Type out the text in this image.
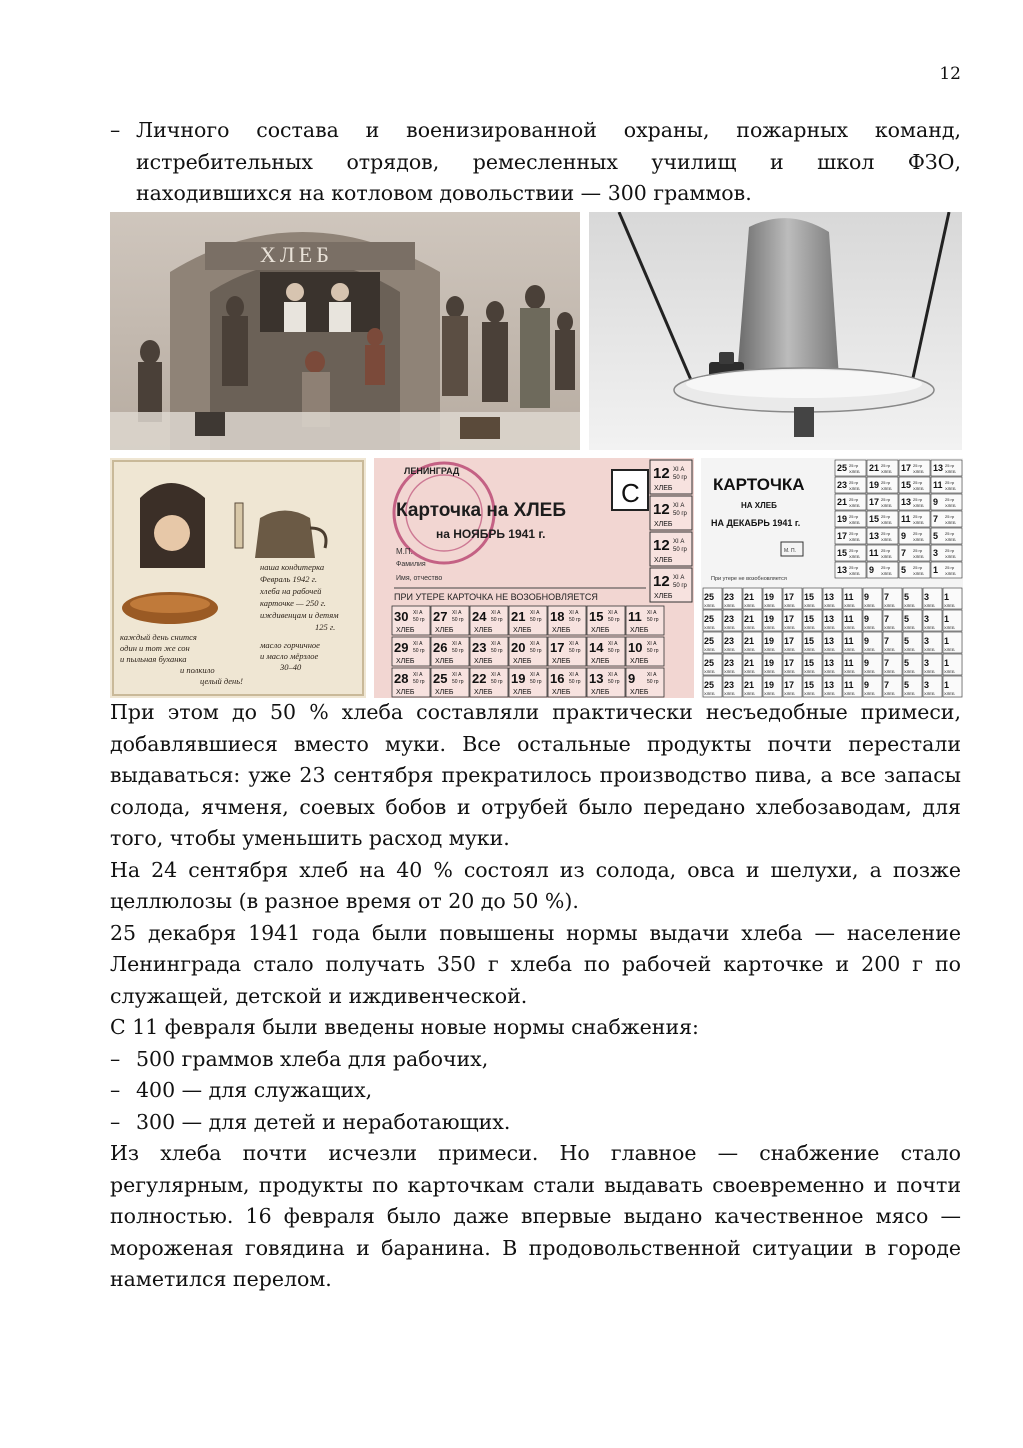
12
– Личного состава и военизированной охраны, пожарных команд, истребительных отрядов, ремесленных училищ и школ ФЗО, находившихся на котловом довольствии — 300 граммов.
ХЛЕБ
наша кондитерка
Февраль 1942 г.
хлеба на рабочей
карточке — 250 г.
иждивенцам и детям
125 г.
каждый день снится
один и тот же сон
и пыльная буханка
и полкило
целый день!
масло горчичное
и масло мёрзлое
30–40
ЛЕНИНГРАД
Карточка на ХЛЕБ
на НОЯБРЬ 1941 г.
С
М.П.
Фамилия
Имя, отчество
ПРИ УТЕРЕ КАРТОЧКА НЕ ВОЗОБНОВЛЯЕТСЯ
12 XI А
50 гр
ХЛЕБ
12 XI А
50 гр
ХЛЕБ
12 XI А
50 гр
ХЛЕБ
12 XI А
50 гр
ХЛЕБ
30 XI А
50 гр
ХЛЕБ
27 XI А
50 гр
ХЛЕБ
24 XI А
50 гр
ХЛЕБ
21 XI А
50 гр
ХЛЕБ
18 XI А
50 гр
ХЛЕБ
15 XI А
50 гр
ХЛЕБ
11 XI А
50 гр
ХЛЕБ
29 XI А
50 гр
ХЛЕБ
26 XI А
50 гр
ХЛЕБ
23 XI А
50 гр
ХЛЕБ
20 XI А
50 гр
ХЛЕБ
17 XI А
50 гр
ХЛЕБ
14 XI А
50 гр
ХЛЕБ
10 XI А
50 гр
ХЛЕБ
28 XI А
50 гр
ХЛЕБ
25 XI А
50 гр
ХЛЕБ
22 XI А
50 гр
ХЛЕБ
19 XI А
50 гр
ХЛЕБ
16 XI А
50 гр
ХЛЕБ
13 XI А
50 гр
ХЛЕБ
9 XI А
50 гр
ХЛЕБ
КАРТОЧКА
НА ХЛЕБ
НА ДЕКАБРЬ 1941 г.
М. П.
При утере не возобновляется
25 25 гр
ХЛЕБ
23 25 гр
ХЛЕБ
21 25 гр
ХЛЕБ
19 25 гр
ХЛЕБ
17 25 гр
ХЛЕБ
15 25 гр
ХЛЕБ
13 25 гр
ХЛЕБ
21 25 гр
ХЛЕБ
19 25 гр
ХЛЕБ
17 25 гр
ХЛЕБ
15 25 гр
ХЛЕБ
13 25 гр
ХЛЕБ
11 25 гр
ХЛЕБ
9 25 гр
ХЛЕБ
17 25 гр
ХЛЕБ
15 25 гр
ХЛЕБ
13 25 гр
ХЛЕБ
11 25 гр
ХЛЕБ
9 25 гр
ХЛЕБ
7 25 гр
ХЛЕБ
5 25 гр
ХЛЕБ
13 25 гр
ХЛЕБ
11 25 гр
ХЛЕБ
9 25 гр
ХЛЕБ
7 25 гр
ХЛЕБ
5 25 гр
ХЛЕБ
3 25 гр
ХЛЕБ
1 25 гр
ХЛЕБ
25
ХЛЕБ
23
ХЛЕБ
21
ХЛЕБ
19
ХЛЕБ
17
ХЛЕБ
15
ХЛЕБ
13
ХЛЕБ
11
ХЛЕБ
9
ХЛЕБ
7
ХЛЕБ
5
ХЛЕБ
3
ХЛЕБ
1
ХЛЕБ
25
ХЛЕБ
23
ХЛЕБ
21
ХЛЕБ
19
ХЛЕБ
17
ХЛЕБ
15
ХЛЕБ
13
ХЛЕБ
11
ХЛЕБ
9
ХЛЕБ
7
ХЛЕБ
5
ХЛЕБ
3
ХЛЕБ
1
ХЛЕБ
25
ХЛЕБ
23
ХЛЕБ
21
ХЛЕБ
19
ХЛЕБ
17
ХЛЕБ
15
ХЛЕБ
13
ХЛЕБ
11
ХЛЕБ
9
ХЛЕБ
7
ХЛЕБ
5
ХЛЕБ
3
ХЛЕБ
1
ХЛЕБ
25
ХЛЕБ
23
ХЛЕБ
21
ХЛЕБ
19
ХЛЕБ
17
ХЛЕБ
15
ХЛЕБ
13
ХЛЕБ
11
ХЛЕБ
9
ХЛЕБ
7
ХЛЕБ
5
ХЛЕБ
3
ХЛЕБ
1
ХЛЕБ
25
ХЛЕБ
23
ХЛЕБ
21
ХЛЕБ
19
ХЛЕБ
17
ХЛЕБ
15
ХЛЕБ
13
ХЛЕБ
11
ХЛЕБ
9
ХЛЕБ
7
ХЛЕБ
5
ХЛЕБ
3
ХЛЕБ
1
ХЛЕБ

При этом до 50 % хлеба составляли практически несъедобные примеси, добавлявшиеся вместо муки. Все остальные продукты почти перестали выдаваться: уже 23 сентября прекратилось производство пива, а все запасы солода, ячменя, соевых бобов и отрубей было передано хлебозаводам, для того, чтобы уменьшить расход муки.

На 24 сентября хлеб на 40 % состоял из солода, овса и шелухи, а позже целлюлозы (в разное время от 20 до 50 %).

25 декабря 1941 года были повышены нормы выдачи хлеба — население Ленинграда стало получать 350 г хлеба по рабочей карточке и 200 г по служащей, детской и иждивенческой.

С 11 февраля были введены новые нормы снабжения:

– 500 граммов хлеба для рабочих,
– 400 — для служащих,
– 300 — для детей и неработающих.

Из хлеба почти исчезли примеси. Но главное — снабжение стало регулярным, продукты по карточкам стали выдавать своевременно и почти полностью. 16 февраля было даже впервые выдано качественное мясо — мороженая говядина и баранина. В продовольственной ситуации в городе наметился перелом.
